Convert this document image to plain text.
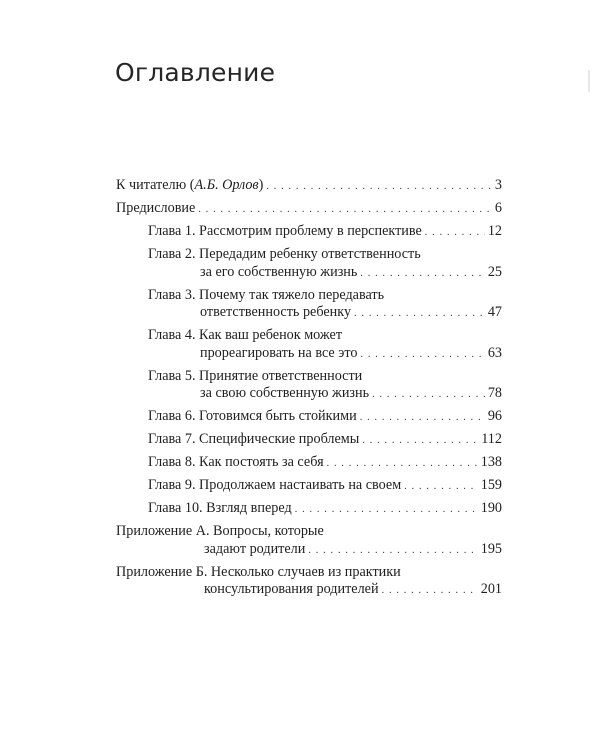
Оглавление
К читателю (А.Б. Орлов) . . .	3
Предисловие . . .	6
Глава 1. Рассмотрим проблему в перспективе . . .	12
Глава 2. Передадим ребенку ответственность
за его собственную жизнь . . .	25
Глава 3. Почему так тяжело передавать
ответственность ребенку . . .	47
Глава 4. Как ваш ребенок может
прореагировать на все это . . .	63
Глава 5. Принятие ответственности
за свою собственную жизнь . . .	78
Глава 6. Готовимся быть стойкими . . .	96
Глава 7. Специфические проблемы . . .	112
Глава 8. Как постоять за себя . . .	138
Глава 9. Продолжаем настаивать на своем . . .	159
Глава 10. Взгляд вперед . . .	190
Приложение А. Вопросы, которые
задают родители . . .	195
Приложение Б. Несколько случаев из практики
консультирования родителей . . .	201
